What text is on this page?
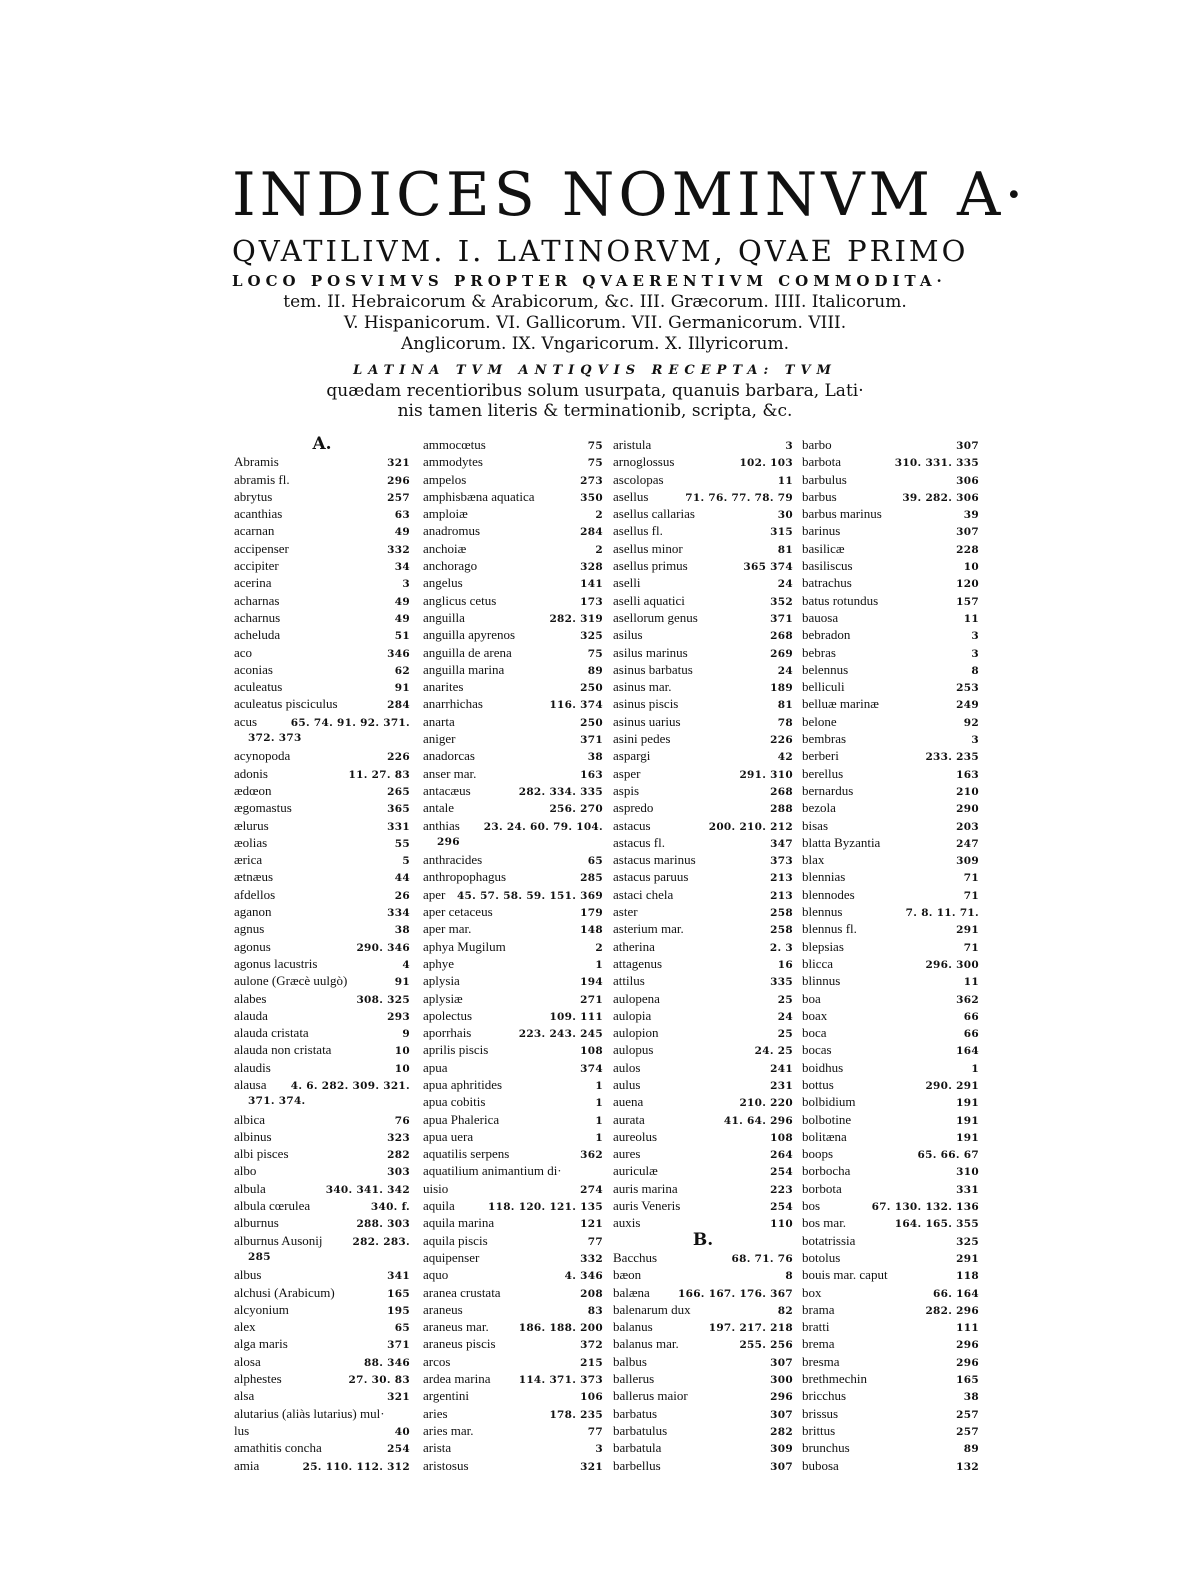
INDICES NOMINVM A·
QVATILIVM. I. LATINORVM, QVAE PRIMO
LOCO POSVIMVS PROPTER QVAERENTIVM COMMODITA·
tem. II. Hebraicorum & Arabicorum, &c. III. Græcorum. IIII. Italicorum.
V. Hispanicorum. VI. Gallicorum. VII. Germanicorum. VIII.
Anglicorum. IX. Vngaricorum. X. Illyricorum.
LATINA TVM ANTIQVIS RECEPTA: TVM
quædam recentioribus solum usurpata, quanuis barbara, Lati·
nis tamen literis & terminationib, scripta, &c.
A.
Abramis	321
abramis fl.	296
abrytus	257
acanthias	63
acarnan	49
accipenser	332
accipiter	34
acerina	3
acharnas	49
acharnus	49
acheluda	51
aco	346
aconias	62
aculeatus	91
aculeatus pisciculus	284
acus	65. 74. 91. 92. 371.
372. 373
acynopoda	226
adonis	11. 27. 83
ædœon	265
ægomastus	365
ælurus	331
æolias	55
ærica	5
ætnæus	44
afdellos	26
aganon	334
agnus	38
agonus	290. 346
agonus lacustris	4
aulone (Græcè uulgò)	91
alabes	308. 325
alauda	293
alauda cristata	9
alauda non cristata	10
alaudis	10
alausa 4. 6. 282. 309. 321.
371. 374.
albica	76
albinus	323
albi pisces	282
albo	303
albula	340. 341. 342
albula cœrulea	340. f.
alburnus	288. 303
alburnus Ausonij	282. 283.
285
albus	341
alchusi (Arabicum)	165
alcyonium	195
alex	65
alga maris	371
alosa	88. 346
alphestes	27. 30. 83
alsa	321
alutarius (aliàs lutarius) mul·
lus	40
amathitis concha	254
amia	25. 110. 112. 312
ammocœtus	75
ammodytes	75
ampelos	273
amphisbæna aquatica	350
amploiæ	2
anadromus	284
anchoiæ	2
anchorago	328
angelus	141
anglicus cetus	173
anguilla	282. 319
anguilla apyrenos	325
anguilla de arena	75
anguilla marina	89
anarites	250
anarrhichas	116. 374
anarta	250
aniger	371
anadorcas	38
anser mar.	163
antacæus	282. 334. 335
antale	256. 270
anthias 23. 24. 60. 79. 104.
296
anthracides	65
anthropophagus	285
aper 45. 57. 58. 59. 151. 369
aper cetaceus	179
aper mar.	148
aphya Mugilum	2
aphye	1
aplysia	194
aplysiæ	271
apolectus	109. 111
aporrhais	223. 243. 245
aprilis piscis	108
apua	374
apua aphritides	1
apua cobitis	1
apua Phalerica	1
apua uera	1
aquatilis serpens	362
aquatilium animantium di·
uisio	274
aquila	118. 120. 121. 135
aquila marina	121
aquila piscis	77
aquipenser	332
aquo	4. 346
aranea crustata	208
araneus	83
araneus mar.	186. 188. 200
araneus piscis	372
arcos	215
ardea marina	114. 371. 373
argentini	106
aries	178. 235
aries mar.	77
arista	3
aristosus	321
aristula	3
arnoglossus	102. 103
ascolopas	11
asellus	71. 76. 77. 78. 79
asellus callarias	30
asellus fl.	315
asellus minor	81
asellus primus	365 374
aselli	24
aselli aquatici	352
asellorum genus	371
asilus	268
asilus marinus	269
asinus barbatus	24
asinus mar.	189
asinus piscis	81
asinus uarius	78
asini pedes	226
aspargi	42
asper	291. 310
aspis	268
aspredo	288
astacus	200. 210. 212
astacus fl.	347
astacus marinus	373
astacus paruus	213
astaci chela	213
aster	258
asterium mar.	258
atherina	2. 3
attagenus	16
attilus	335
aulopena	25
aulopia	24
aulopion	25
aulopus	24. 25
aulos	241
aulus	231
auena	210. 220
aurata	41. 64. 296
aureolus	108
aures	264
auriculæ	254
auris marina	223
auris Veneris	254
auxis	110
B.
Bacchus	68. 71. 76
bæon	8
balæna	166. 167. 176. 367
balenarum dux	82
balanus	197. 217. 218
balanus mar.	255. 256
balbus	307
ballerus	300
ballerus maior	296
barbatus	307
barbatulus	282
barbatula	309
barbellus	307
barbo	307
barbota	310. 331. 335
barbulus	306
barbus	39. 282. 306
barbus marinus	39
barinus	307
basilicæ	228
basiliscus	10
batrachus	120
batus rotundus	157
bauosa	11
bebradon	3
bebras	3
belennus	8
belliculi	253
belluæ marinæ	249
belone	92
bembras	3
berberi	233. 235
berellus	163
bernardus	210
bezola	290
bisas	203
blatta Byzantia	247
blax	309
blennias	71
blennodes	71
blennus	7. 8. 11. 71.
blennus fl.	291
blepsias	71
blicca	296. 300
blinnus	11
boa	362
boax	66
boca	66
bocas	164
boidhus	1
bottus	290. 291
bolbidium	191
bolbotine	191
bolitæna	191
boops	65. 66. 67
borbocha	310
borbota	331
bos	67. 130. 132. 136
bos mar.	164. 165. 355
botatrissia	325
botolus	291
bouis mar. caput	118
box	66. 164
brama	282. 296
bratti	111
brema	296
bresma	296
brethmechin	165
bricchus	38
brissus	257
brittus	257
brunchus	89
bubosa	132
